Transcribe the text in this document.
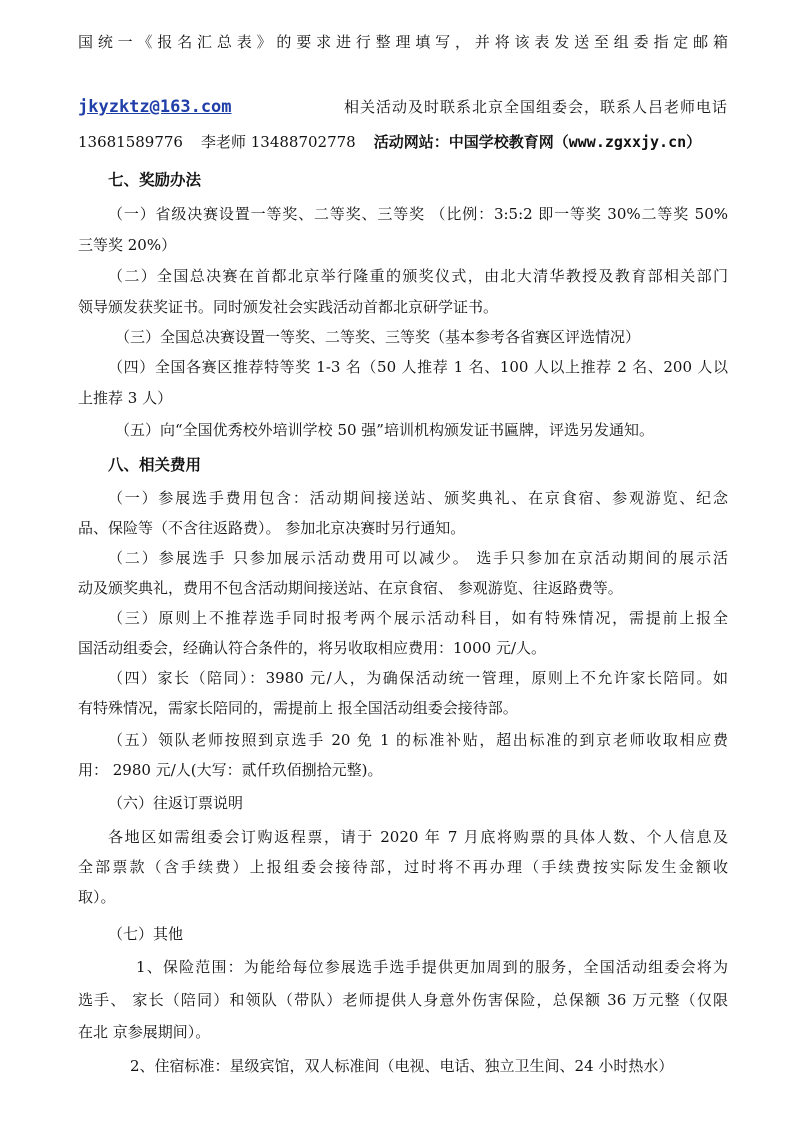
国统一《报名汇总表》的要求进行整理填写，并将该表发送至组委指定邮箱
jkyzktz@163.com	相关活动及时联系北京全国组委会，联系人吕老师电话
13681589776 李老师 13488702778 活动网站：中国学校教育网（ www.zgxxjy.cn ）
七、奖励办法
（一）省级决赛设置一等奖、二等奖、三等奖 （比例：3:5:2 即一等奖 30%二等奖 50%
三等奖 20%）
（二）全国总决赛在首都北京举行隆重的颁奖仪式，由北大清华教授及教育部相关部门
领导颁发获奖证书。同时颁发社会实践活动首都北京研学证书。
（三）全国总决赛设置一等奖、二等奖、三等奖（基本参考各省赛区评选情况）
（四）全国各赛区推荐特等奖 1-3 名（50 人推荐 1 名、100 人以上推荐 2 名、200 人以
上推荐 3 人）
（五）向“全国优秀校外培训学校 50 强”培训机构颁发证书匾牌，评选另发通知。
八、相关费用
（一）参展选手费用包含：活动期间接送站、颁奖典礼、在京食宿、参观游览、纪念
品、保险等（不含往返路费）。 参加北京决赛时另行通知。
（二）参展选手 只参加展示活动费用可以减少。 选手只参加在京活动期间的展示活
动及颁奖典礼，费用不包含活动期间接送站、在京食宿、 参观游览、往返路费等。
（三）原则上不推荐选手同时报考两个展示活动科目，如有特殊情况，需提前上报全
国活动组委会，经确认符合条件的，将另收取相应费用：1000 元/人。
（四）家长（陪同）：3980 元/人，为确保活动统一管理，原则上不允许家长陪同。如
有特殊情况，需家长陪同的，需提前上 报全国活动组委会接待部。
（五）领队老师按照到京选手 20 免 1 的标准补贴，超出标准的到京老师收取相应费
用： 2980 元/人(大写：贰仟玖佰捌拾元整)。
（六）往返订票说明
各地区如需组委会订购返程票，请于 2020 年 7 月底将购票的具体人数、个人信息及
全部票款（含手续费）上报组委会接待部，过时将不再办理（手续费按实际发生金额收
取）。
（七）其他
1、保险范围：为能给每位参展选手选手提供更加周到的服务，全国活动组委会将为
选手、 家长（陪同）和领队（带队）老师提供人身意外伤害保险，总保额 36 万元整（仅限
在北 京参展期间）。
2、住宿标准：星级宾馆，双人标准间（电视、电话、独立卫生间、24 小时热水）
